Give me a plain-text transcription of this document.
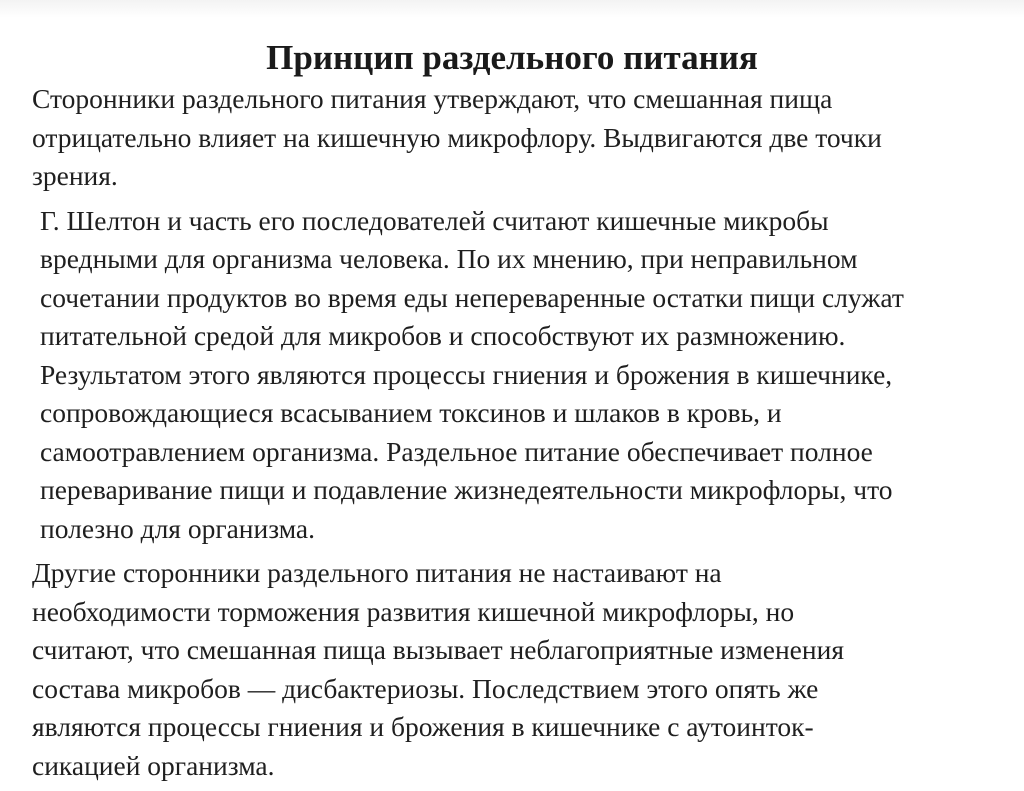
Принцип раздельного питания

Сторонники раздельного питания утверждают, что смешанная пища
отрицательно влияет на кишечную микрофлору. Выдвигаются две точки
зрения.

Г. Шелтон и часть его последователей считают кишечные микробы
вредными для организма человека. По их мнению, при неправильном
сочетании продуктов во время еды непереваренные остатки пищи служат
питательной средой для микробов и способствуют их размножению.
Результатом этого являются процессы гниения и брожения в кишечнике,
сопровождающиеся всасыванием токсинов и шлаков в кровь, и
самоотравлением организма. Раздельное питание обеспечивает полное
переваривание пищи и подавление жизнедеятельности микрофлоры, что
полезно для организма.

Другие сторонники раздельного питания не настаивают на
необходимости торможения развития кишечной микрофлоры, но
считают, что смешанная пища вызывает неблагоприятные изменения
состава микробов — дисбактериозы. Последствием этого опять же
являются процессы гниения и брожения в кишечнике с аутоинток-
сикацией организма.
